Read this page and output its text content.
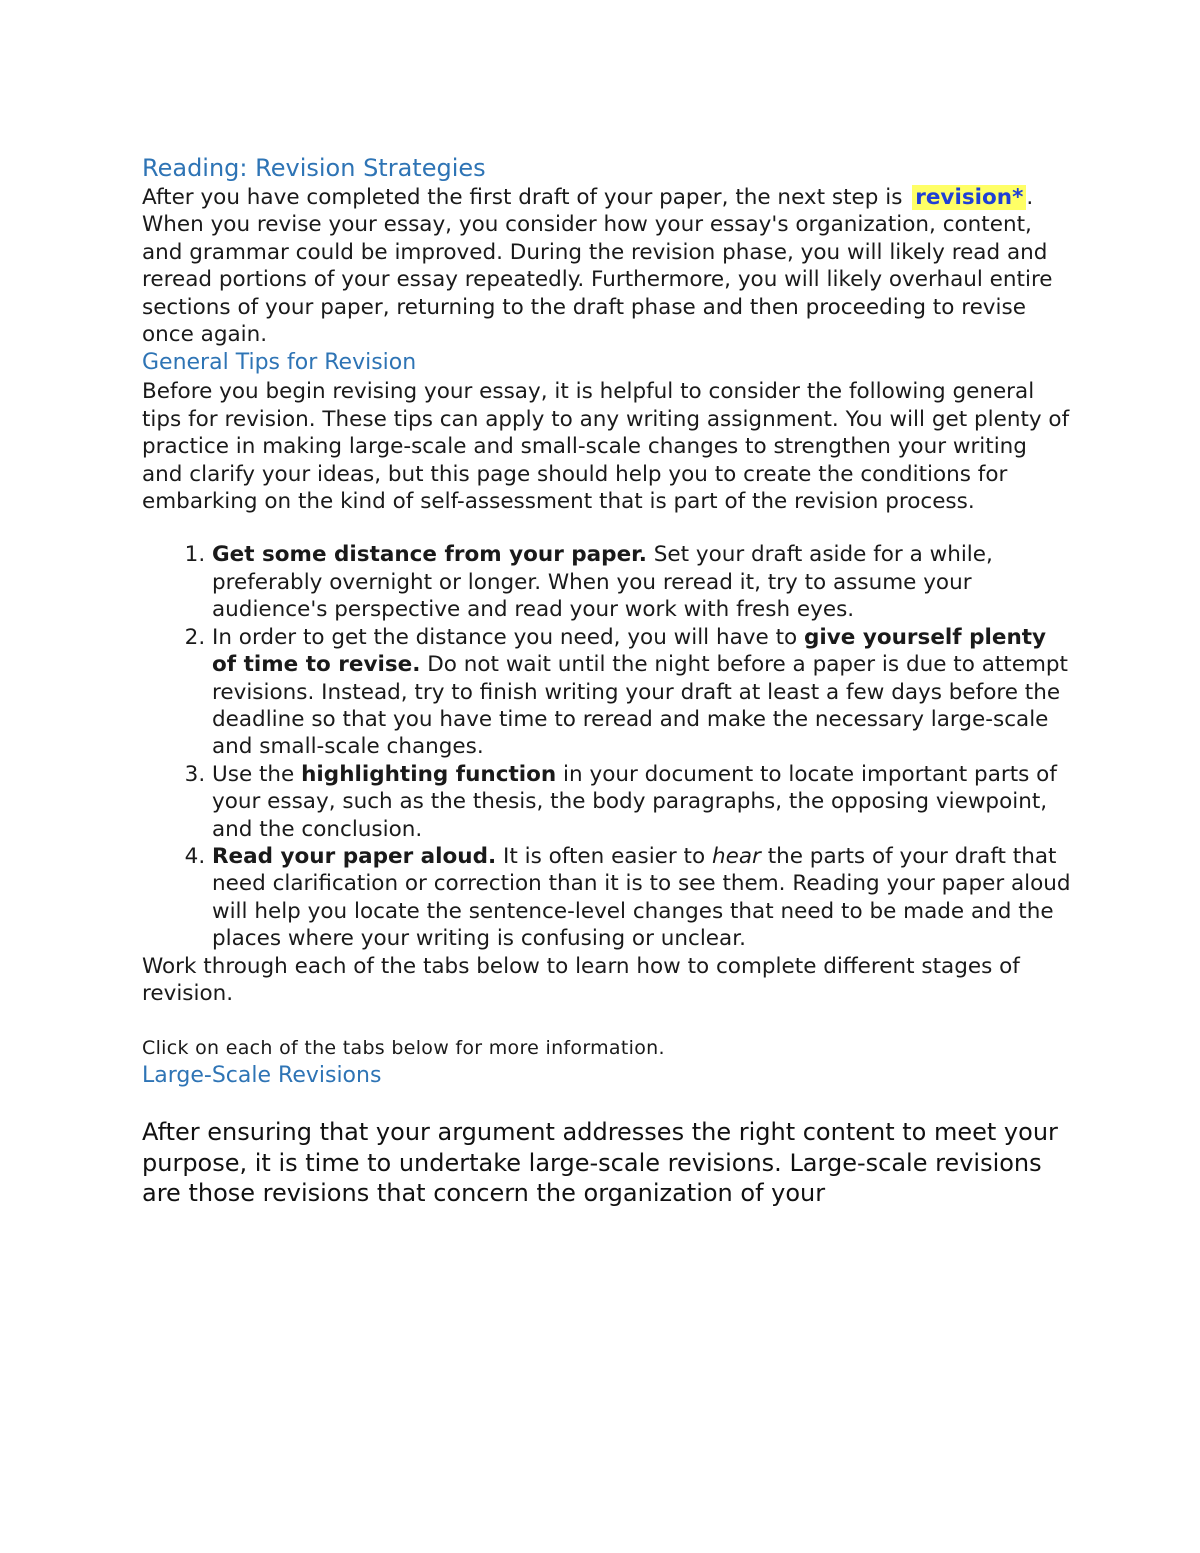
Reading: Revision Strategies

After you have completed the first draft of your paper, the next step is revision* . When you revise your essay, you consider how your essay's organization, content, and grammar could be improved. During the revision phase, you will likely read and reread portions of your essay repeatedly. Furthermore, you will likely overhaul entire sections of your paper, returning to the draft phase and then proceeding to revise once again.

General Tips for Revision

Before you begin revising your essay, it is helpful to consider the following general tips for revision. These tips can apply to any writing assignment. You will get plenty of practice in making large-scale and small-scale changes to strengthen your writing and clarify your ideas, but this page should help you to create the conditions for embarking on the kind of self-assessment that is part of the revision process.

1. Get some distance from your paper. Set your draft aside for a while, preferably overnight or longer. When you reread it, try to assume your audience's perspective and read your work with fresh eyes.
2. In order to get the distance you need, you will have to give yourself plenty of time to revise. Do not wait until the night before a paper is due to attempt revisions. Instead, try to finish writing your draft at least a few days before the deadline so that you have time to reread and make the necessary large-scale and small-scale changes.
3. Use the highlighting function in your document to locate important parts of your essay, such as the thesis, the body paragraphs, the opposing viewpoint, and the conclusion.
4. Read your paper aloud. It is often easier to hear the parts of your draft that need clarification or correction than it is to see them. Reading your paper aloud will help you locate the sentence-level changes that need to be made and the places where your writing is confusing or unclear.

Work through each of the tabs below to learn how to complete different stages of revision.

Click on each of the tabs below for more information.

Large-Scale Revisions

After ensuring that your argument addresses the right content to meet your purpose, it is time to undertake large-scale revisions. Large-scale revisions are those revisions that concern the organization of your
